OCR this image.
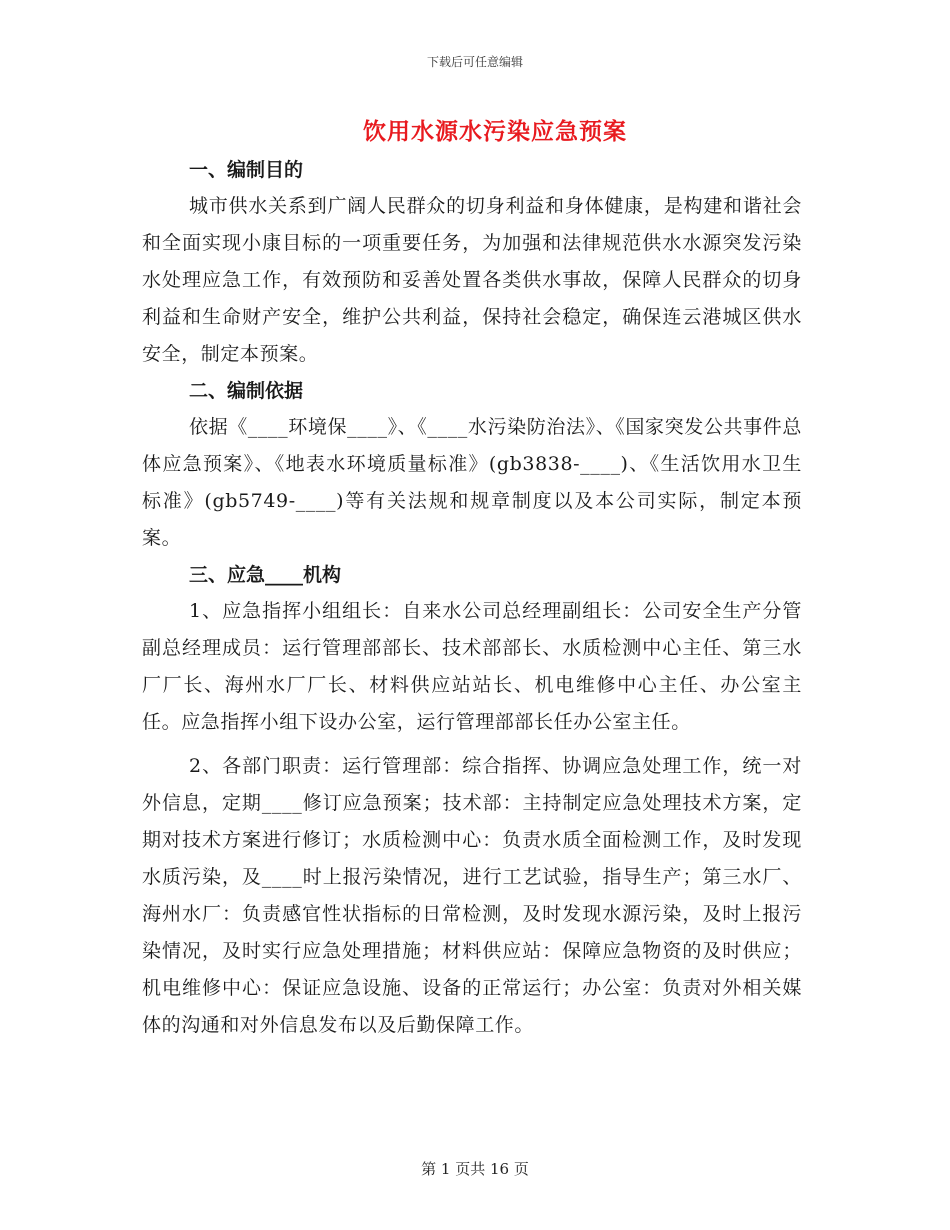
下载后可任意编辑
饮用水源水污染应急预案

一、编制目的

城市供水关系到广阔人民群众的切身利益和身体健康，是构建和谐社会和全面实现小康目标的一项重要任务，为加强和法律规范供水水源突发污染水处理应急工作，有效预防和妥善处置各类供水事故，保障人民群众的切身利益和生命财产安全，维护公共利益，保持社会稳定，确保连云港城区供水安全，制定本预案。

二、编制依据

依据《____环境保____》、《____水污染防治法》、《国家突发公共事件总体应急预案》、《地表水环境质量标准》(gb3838-____)、《生活饮用水卫生标准》(gb5749-____)等有关法规和规章制度以及本公司实际，制定本预案。

三、应急____机构

1、应急指挥小组组长：自来水公司总经理副组长：公司安全生产分管副总经理成员：运行管理部部长、技术部部长、水质检测中心主任、第三水厂厂长、海州水厂厂长、材料供应站站长、机电维修中心主任、办公室主任。应急指挥小组下设办公室，运行管理部部长任办公室主任。

2、各部门职责：运行管理部：综合指挥、协调应急处理工作，统一对外信息，定期____修订应急预案；技术部：主持制定应急处理技术方案，定期对技术方案进行修订；水质检测中心：负责水质全面检测工作，及时发现水质污染，及____时上报污染情况，进行工艺试验，指导生产；第三水厂、海州水厂：负责感官性状指标的日常检测，及时发现水源污染，及时上报污染情况，及时实行应急处理措施；材料供应站：保障应急物资的及时供应；机电维修中心：保证应急设施、设备的正常运行；办公室：负责对外相关媒体的沟通和对外信息发布以及后勤保障工作。

第 1 页共 16 页
